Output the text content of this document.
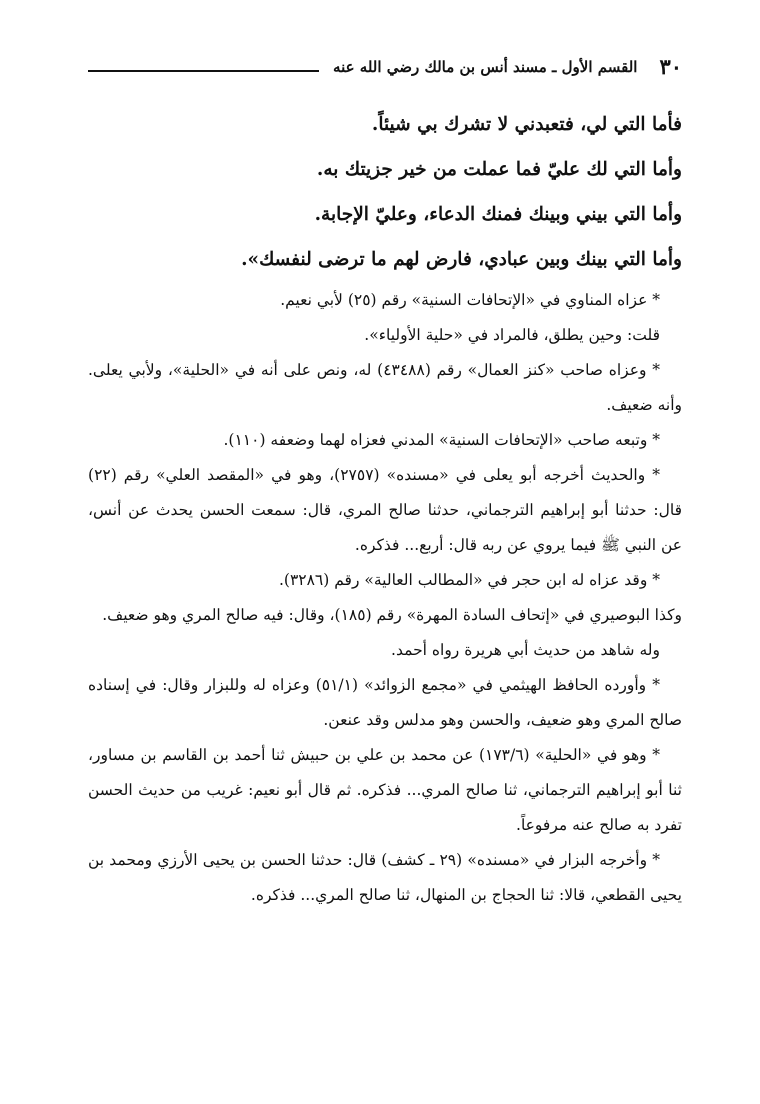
٣٠
القسم الأول ـ مسند أنس بن مالك رضي الله عنه
فأما التي لي، فتعبدني لا تشرك بي شيئاً.
وأما التي لك عليّ فما عملت من خير جزيتك به.
وأما التي بيني وبينك فمنك الدعاء، وعليّ الإجابة.
وأما التي بينك وبين عبادي، فارض لهم ما ترضى لنفسك».

* عزاه المناوي في «الإتحافات السنية» رقم (٢٥) لأبي نعيم.

قلت: وحين يطلق، فالمراد في «حلية الأولياء».

* وعزاه صاحب «كنز العمال» رقم (٤٣٤٨٨) له، ونص على أنه في «الحلية»، ولأبي يعلى. وأنه ضعيف.

* وتبعه صاحب «الإتحافات السنية» المدني فعزاه لهما وضعفه (١١٠).

* والحديث أخرجه أبو يعلى في «مسنده» (٢٧٥٧)، وهو في «المقصد العلي» رقم (٢٢) قال: حدثنا أبو إبراهيم الترجماني، حدثنا صالح المري، قال: سمعت الحسن يحدث عن أنس، عن النبي ﷺ فيما يروي عن ربه قال: أربع... فذكره.

* وقد عزاه له ابن حجر في «المطالب العالية» رقم (٣٢٨٦).

وكذا البوصيري في «إتحاف السادة المهرة» رقم (١٨٥)، وقال: فيه صالح المري وهو ضعيف.

وله شاهد من حديث أبي هريرة رواه أحمد.

* وأورده الحافظ الهيثمي في «مجمع الزوائد» (٥١/١) وعزاه له وللبزار وقال: في إسناده صالح المري وهو ضعيف، والحسن وهو مدلس وقد عنعن.

* وهو في «الحلية» (١٧٣/٦) عن محمد بن علي بن حبيش ثنا أحمد بن القاسم بن مساور، ثنا أبو إبراهيم الترجماني، ثنا صالح المري... فذكره. ثم قال أبو نعيم: غريب من حديث الحسن تفرد به صالح عنه مرفوعاً.

* وأخرجه البزار في «مسنده» (٢٩ ـ كشف) قال: حدثنا الحسن بن يحيى الأرزي ومحمد بن يحيى القطعي، قالا: ثنا الحجاج بن المنهال، ثنا صالح المري... فذكره.
